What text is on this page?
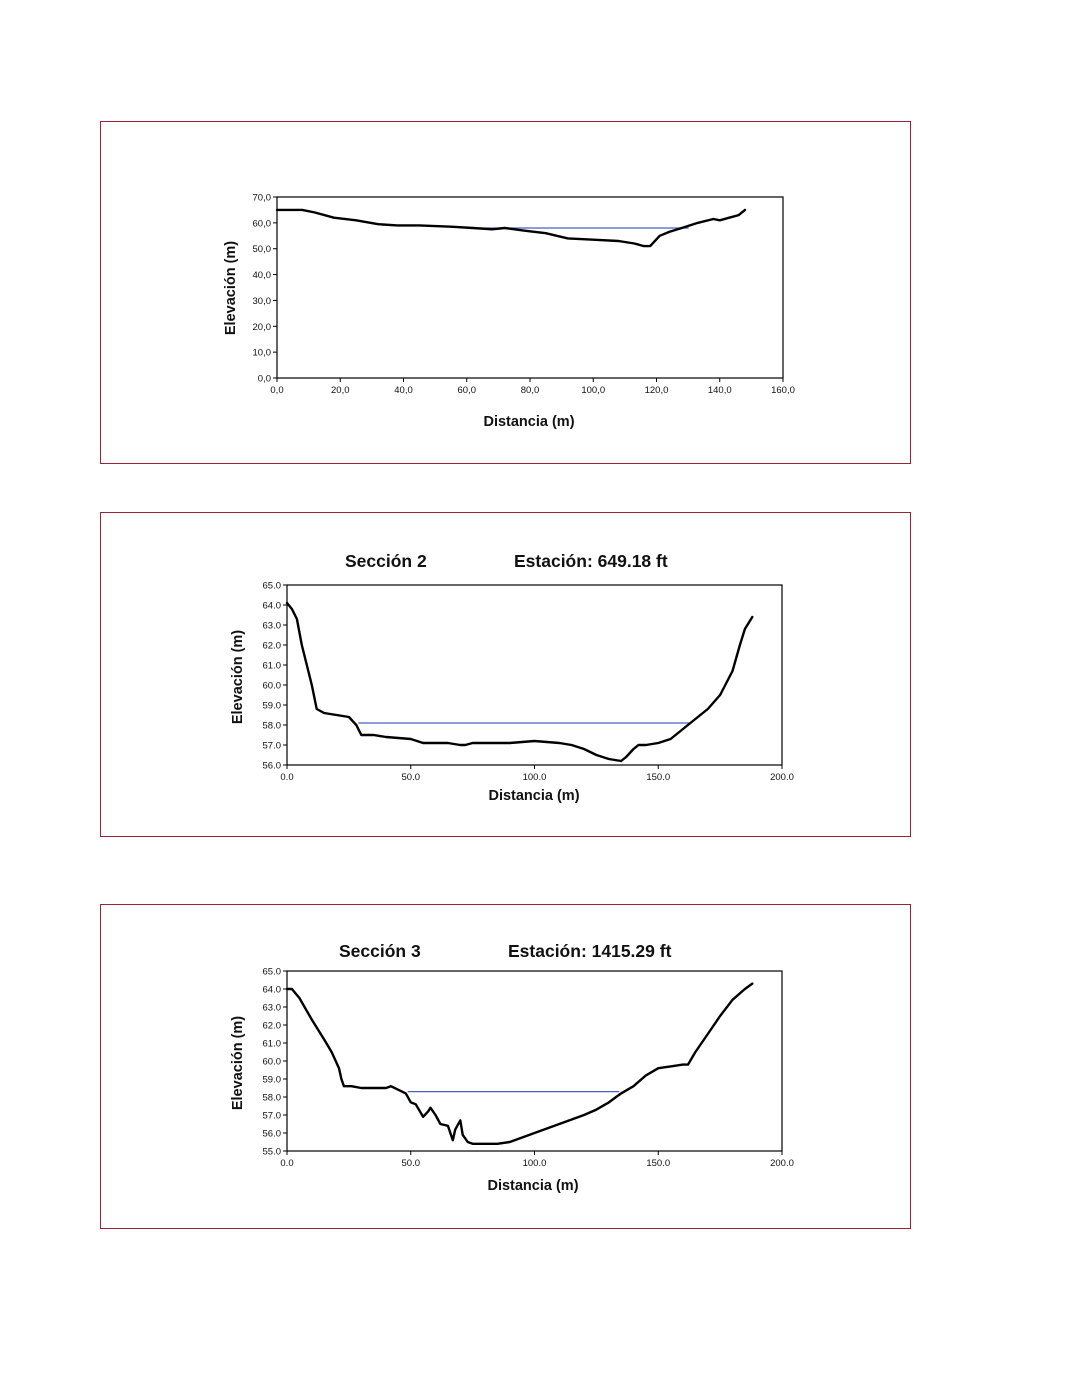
0,0
10,0
20,0
30,0
40,0
50,0
60,0
70,0
0,0	20,0	40,0	60,0	80,0	100,0	120,0	140,0	160,0
Distancia (m)
Elevación (m)
Sección 2	Estación: 649.18 ft
56.0
57.0
58.0
59.0
60.0
61.0
62.0
63.0
64.0
65.0
0.0	50.0	100.0	150.0	200.0
Distancia (m)
Elevación (m)
Sección 3	Estación: 1415.29 ft
55.0
56.0
57.0
58.0
59.0
60.0
61.0
62.0
63.0
64.0
65.0
0.0	50.0	100.0	150.0	200.0
Distancia (m)
Elevación (m)
